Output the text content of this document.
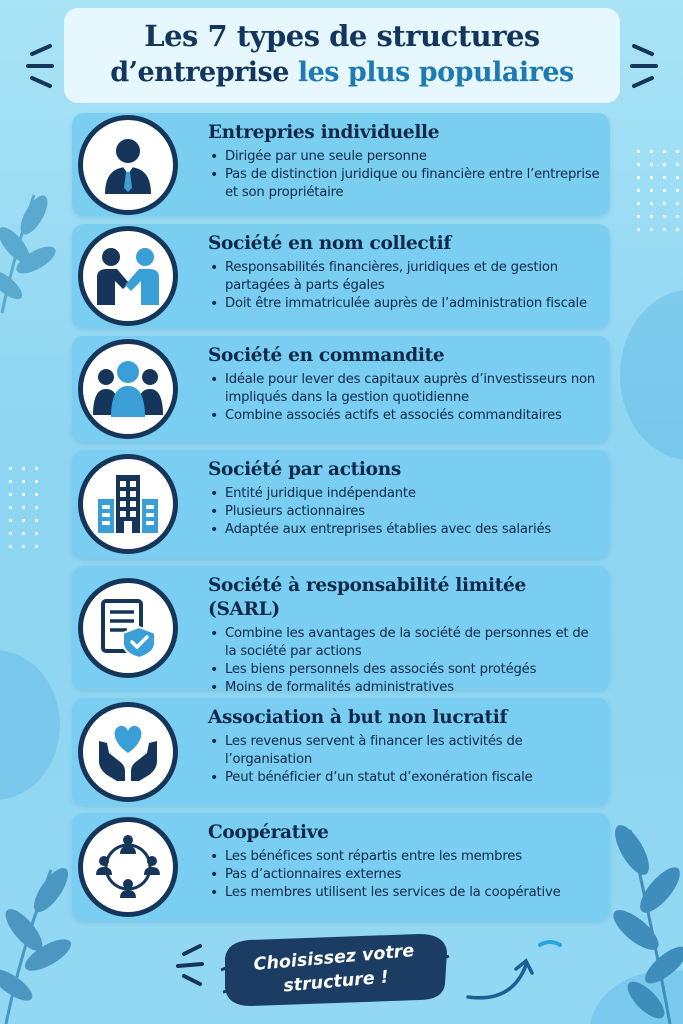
Les 7 types de structures
d’entreprise les plus populaires
Entrepries individuelle
• Dirigée par une seule personne
• Pas de distinction juridique ou financière entre l’entreprise et son propriétaire
Société en nom collectif
• Responsabilités financières, juridiques et de gestion partagées à parts égales
• Doit être immatriculée auprès de l’administration fiscale
Société en commandite
• Idéale pour lever des capitaux auprès d’investisseurs non impliqués dans la gestion quotidienne
• Combine associés actifs et associés commanditaires
Société par actions
• Entité juridique indépendante
• Plusieurs actionnaires
• Adaptée aux entreprises établies avec des salariés
Société à responsabilité limitée (SARL)
• Combine les avantages de la société de personnes et de la société par actions
• Les biens personnels des associés sont protégés
• Moins de formalités administratives
Association à but non lucratif
• Les revenus servent à financer les activités de l’organisation
• Peut bénéficier d’un statut d’exonération fiscale
Coopérative
• Les bénéfices sont répartis entre les membres
• Pas d’actionnaires externes
• Les membres utilisent les services de la coopérative
Choisissez votre
structure !
